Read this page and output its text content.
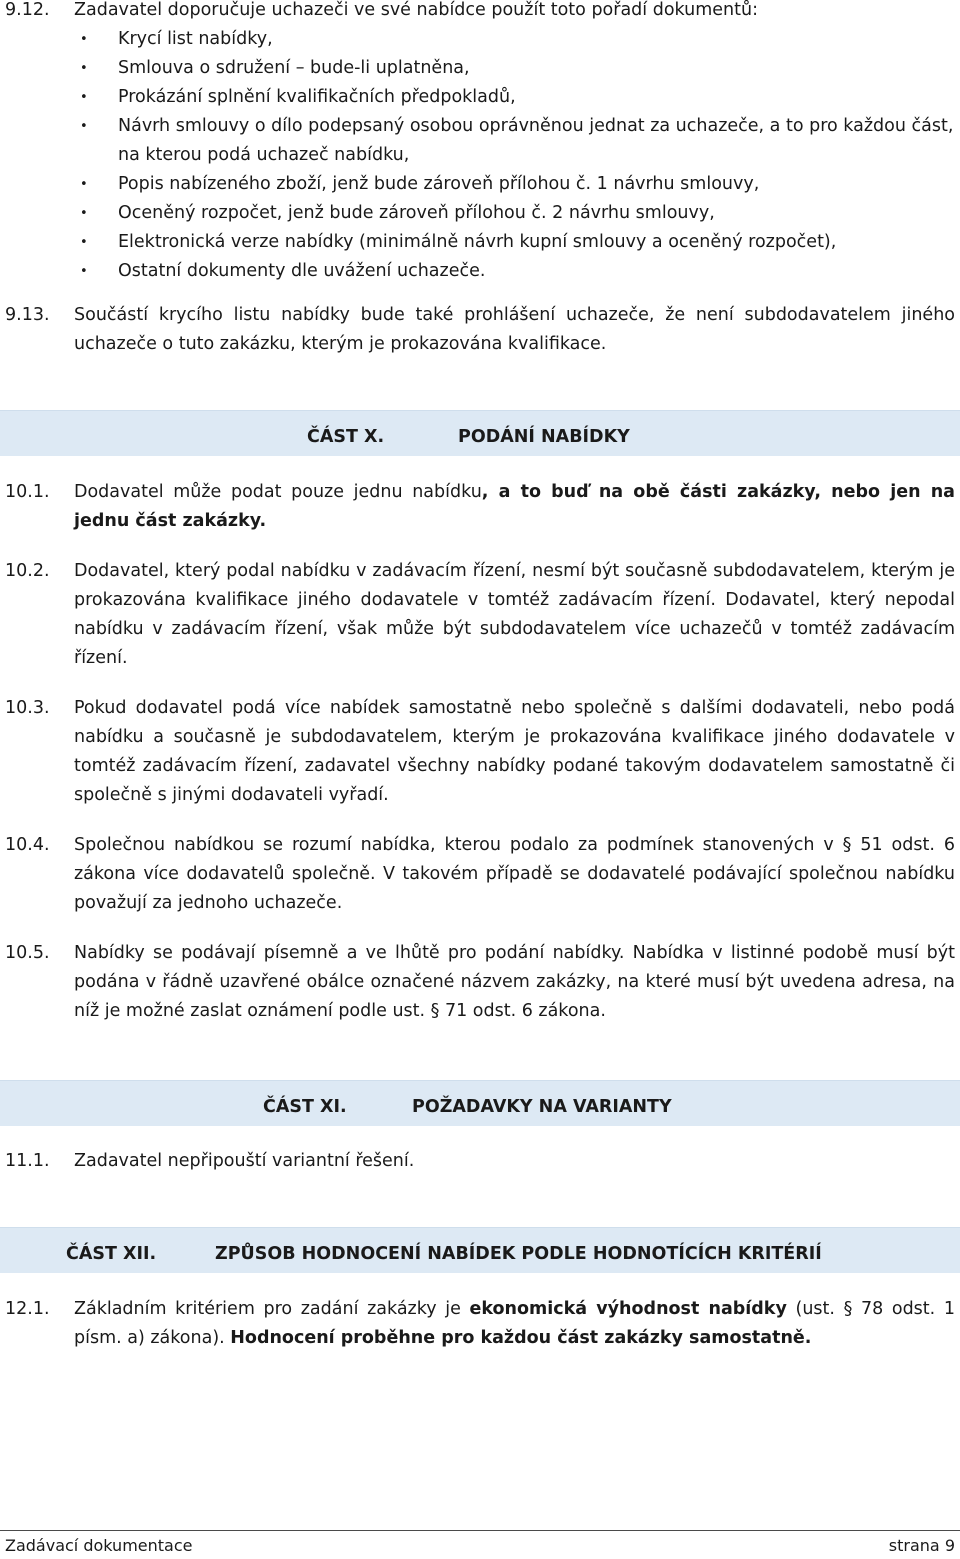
9.12.	Zadavatel doporučuje uchazeči ve své nabídce použít toto pořadí dokumentů:
• Krycí list nabídky,
• Smlouva o sdružení – bude-li uplatněna,
• Prokázání splnění kvalifikačních předpokladů,
• Návrh smlouvy o dílo podepsaný osobou oprávněnou jednat za uchazeče, a to pro každou část, na kterou podá uchazeč nabídku,
• Popis nabízeného zboží, jenž bude zároveň přílohou č. 1 návrhu smlouvy,
• Oceněný rozpočet, jenž bude zároveň přílohou č. 2 návrhu smlouvy,
• Elektronická verze nabídky (minimálně návrh kupní smlouvy a oceněný rozpočet),
• Ostatní dokumenty dle uvážení uchazeče.
9.13.	Součástí krycího listu nabídky bude také prohlášení uchazeče, že není subdodavatelem jiného uchazeče o tuto zakázku, kterým je prokazována kvalifikace.
ČÁST X.	PODÁNÍ NABÍDKY
10.1.	Dodavatel může podat pouze jednu nabídku, a to buď na obě části zakázky, nebo jen na jednu část zakázky.
10.2.	Dodavatel, který podal nabídku v zadávacím řízení, nesmí být současně subdodavatelem, kterým je prokazována kvalifikace jiného dodavatele v tomtéž zadávacím řízení. Dodavatel, který nepodal nabídku v zadávacím řízení, však může být subdodavatelem více uchazečů v tomtéž zadávacím řízení.
10.3.	Pokud dodavatel podá více nabídek samostatně nebo společně s dalšími dodavateli, nebo podá nabídku a současně je subdodavatelem, kterým je prokazována kvalifikace jiného dodavatele v tomtéž zadávacím řízení, zadavatel všechny nabídky podané takovým dodavatelem samostatně či společně s jinými dodavateli vyřadí.
10.4.	Společnou nabídkou se rozumí nabídka, kterou podalo za podmínek stanovených v § 51 odst. 6 zákona více dodavatelů společně. V takovém případě se dodavatelé podávající společnou nabídku považují za jednoho uchazeče.
10.5.	Nabídky se podávají písemně a ve lhůtě pro podání nabídky. Nabídka v listinné podobě musí být podána v řádně uzavřené obálce označené názvem zakázky, na které musí být uvedena adresa, na níž je možné zaslat oznámení podle ust. § 71 odst. 6 zákona.
ČÁST XI.	POŽADAVKY NA VARIANTY
11.1.	Zadavatel nepřipouští variantní řešení.
ČÁST XII.	ZPŮSOB HODNOCENÍ NABÍDEK PODLE HODNOTÍCÍCH KRITÉRIÍ
12.1.	Základním kritériem pro zadání zakázky je ekonomická výhodnost nabídky (ust. § 78 odst. 1 písm. a) zákona). Hodnocení proběhne pro každou část zakázky samostatně.
Zadávací dokumentace	strana 9
